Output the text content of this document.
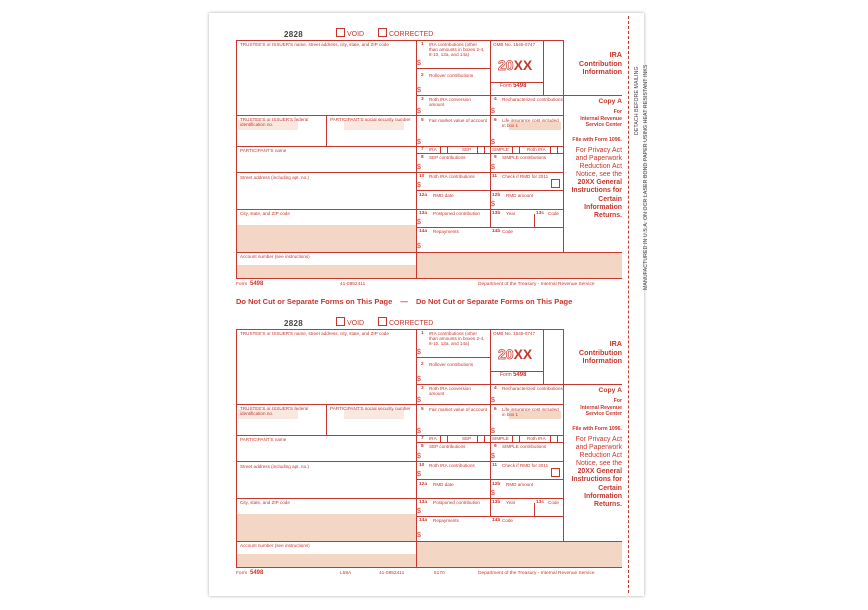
DETACH BEFORE MAILING MANUFACTURED IN U.S.A. ON OCR LASER BOND PAPER USING HEAT RESISTANT INKS
2828	VOID	CORRECTED
TRUSTEE'S or ISSUER'S name, street address, city, state, and ZIP code
TRUSTEE'S or ISSUER'S federal identification no.
PARTICIPANT'S social security number
PARTICIPANT'S name
Street address (including apt. no.)
City, state, and ZIP code
Account number (see instructions)
1 IRA contributions (other than amounts in boxes 2-4, 8-10, 13a, and 14a)
$
OMB No. 1545-0747
20XX
Form 5498
2 Rollover contributions
$
3 Roth IRA conversion amount
$
4 Recharacterized contributions
$
5 Fair market value of account
$
6 Life insurance cost included in box 1
$
7 IRA	SEP	SIMPLE	Roth IRA
8 SEP contributions
$
9 SIMPLE contributions
$
10 Roth IRA contributions
$
11 Check if RMD for 2011
12a RMD date	12b RMD amount
$
13a Postponed contribution
$
13b Year	13c Code
14a Repayments
$
14b Code
IRA
Contribution
Information
Copy A
For
Internal Revenue
Service Center
File with Form 1096.
For Privacy Act
and Paperwork
Reduction Act
Notice, see the
20XX General
Instructions for
Certain
Information
Returns.
Form 5498	41-0852411	Department of the Treasury - Internal Revenue Service
Do Not Cut or Separate Forms on This Page — Do Not Cut or Separate Forms on This Page
2828	VOID	CORRECTED
TRUSTEE'S or ISSUER'S name, street address, city, state, and ZIP code
TRUSTEE'S or ISSUER'S federal identification no.
PARTICIPANT'S social security number
PARTICIPANT'S name
Street address (including apt. no.)
City, state, and ZIP code
Account number (see instructions)
1 IRA contributions (other than amounts in boxes 2-4, 8-10, 13a, and 14a)
$
OMB No. 1545-0747
20XX
Form 5498
2 Rollover contributions
$
3 Roth IRA conversion amount
$
4 Recharacterized contributions
$
5 Fair market value of account
$
6 Life insurance cost included in box 1
$
7 IRA	SEP	SIMPLE	Roth IRA
8 SEP contributions
$
9 SIMPLE contributions
$
10 Roth IRA contributions
$
11 Check if RMD for 2011
12a RMD date	12b RMD amount
$
13a Postponed contribution
$
13b Year	13c Code
14a Repayments
$
14b Code
IRA
Contribution
Information
Copy A
For
Internal Revenue
Service Center
File with Form 1096.
For Privacy Act
and Paperwork
Reduction Act
Notice, see the
20XX General
Instructions for
Certain
Information
Returns.
Form 5498	L58A	41-0852411	5170	Department of the Treasury - Internal Revenue Service
